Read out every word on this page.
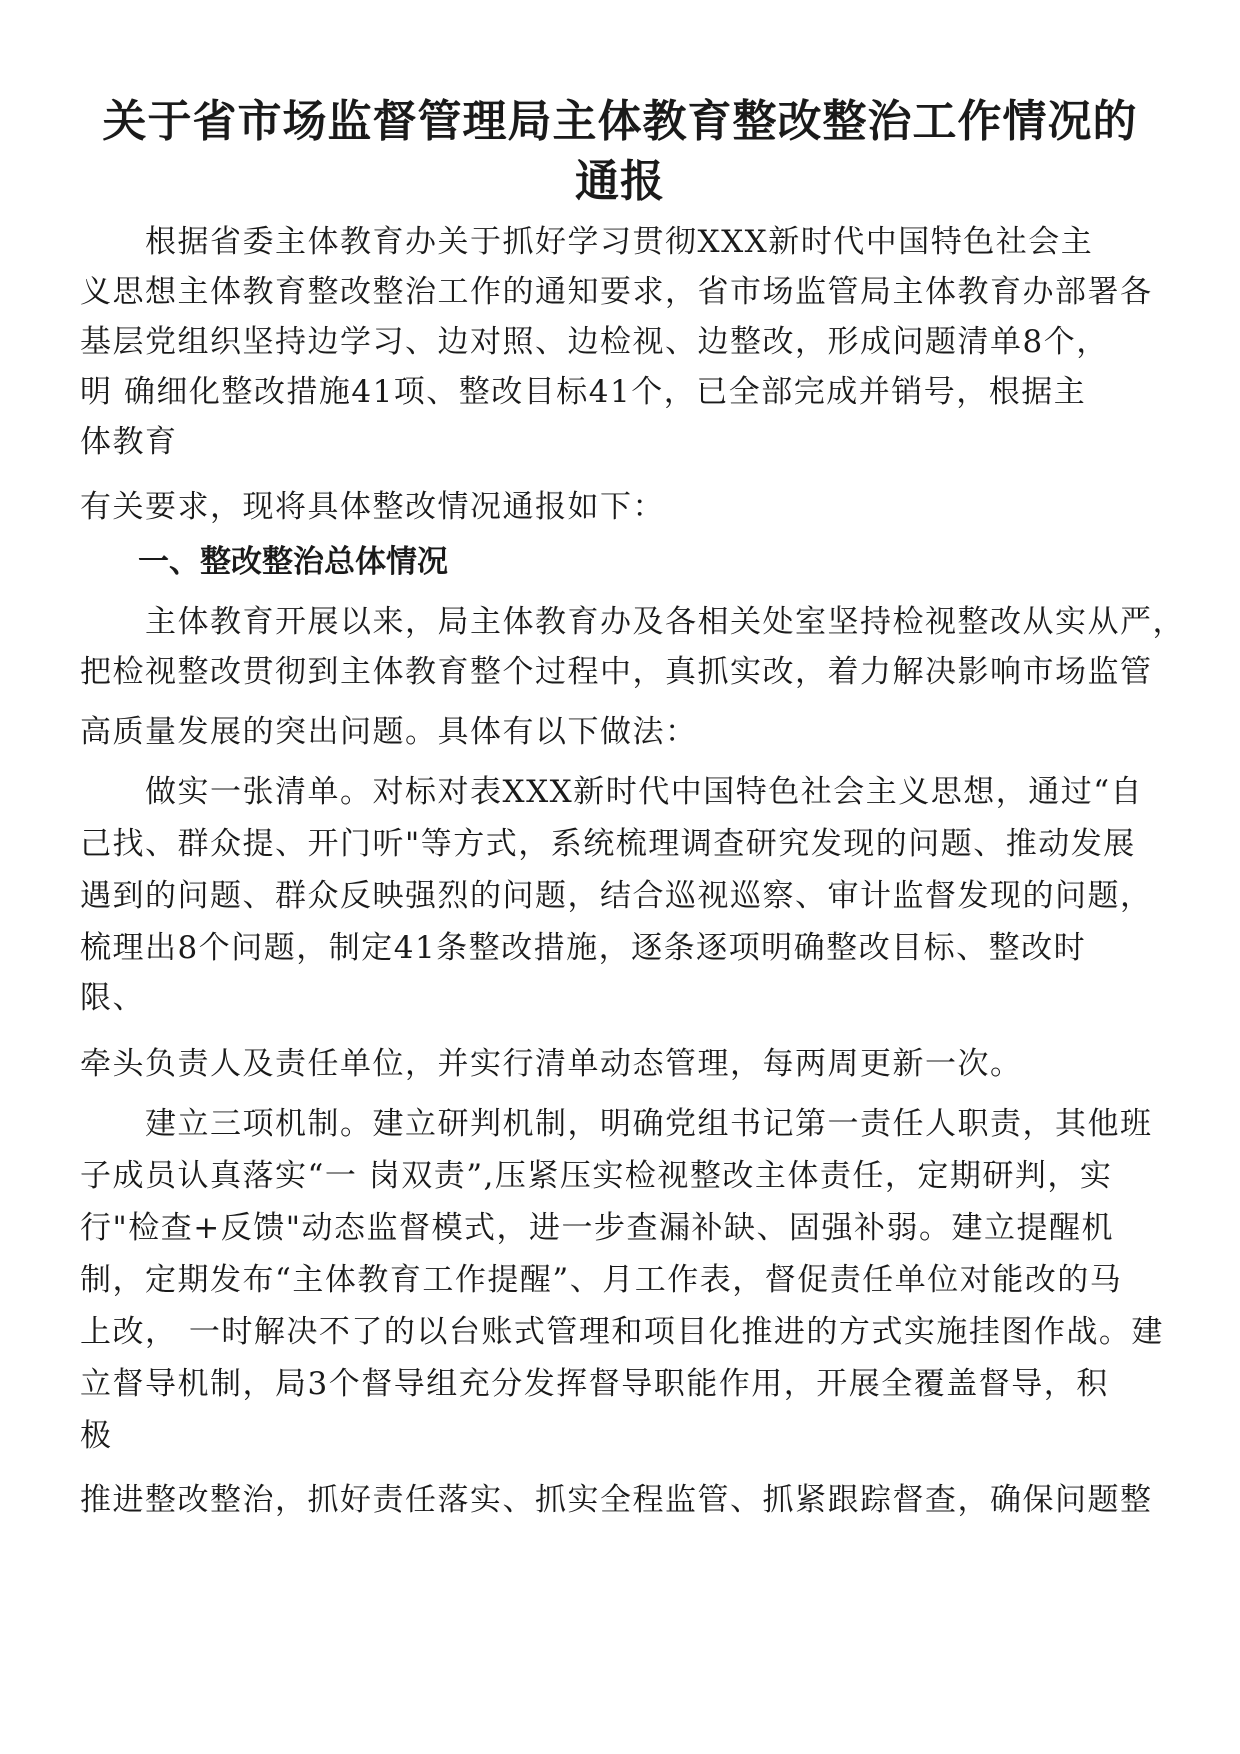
关于省市场监督管理局主体教育整改整治工作情况的
通报
根据省委主体教育办关于抓好学习贯彻XXX新时代中国特色社会主
义思想主体教育整改整治工作的通知要求，省市场监管局主体教育办部署各
基层党组织坚持边学习、边对照、边检视、边整改，形成问题清单8个，
明 确细化整改措施41项、整改目标41个，已全部完成并销号，根据主
体教育
有关要求，现将具体整改情况通报如下：
一、整改整治总体情况
主体教育开展以来，局主体教育办及各相关处室坚持检视整改从实从严，
把检视整改贯彻到主体教育整个过程中，真抓实改，着力解决影响市场监管
高质量发展的突出问题。具体有以下做法：
做实一张清单。对标对表XXX新时代中国特色社会主义思想，通过“自
己找、群众提、开门听"等方式，系统梳理调查研究发现的问题、推动发展
遇到的问题、群众反映强烈的问题，结合巡视巡察、审计监督发现的问题，
梳理出8个问题，制定41条整改措施，逐条逐项明确整改目标、整改时
限、
牵头负责人及责任单位，并实行清单动态管理，每两周更新一次。
建立三项机制。建立研判机制，明确党组书记第一责任人职责，其他班
子成员认真落实“一 岗双责”,压紧压实检视整改主体责任，定期研判，实
行"检查+反馈"动态监督模式，进一步查漏补缺、固强补弱。建立提醒机
制，定期发布“主体教育工作提醒”、月工作表，督促责任单位对能改的马
上改， 一时解决不了的以台账式管理和项目化推进的方式实施挂图作战。建
立督导机制，局3个督导组充分发挥督导职能作用，开展全覆盖督导，积
极
推进整改整治，抓好责任落实、抓实全程监管、抓紧跟踪督查，确保问题整
